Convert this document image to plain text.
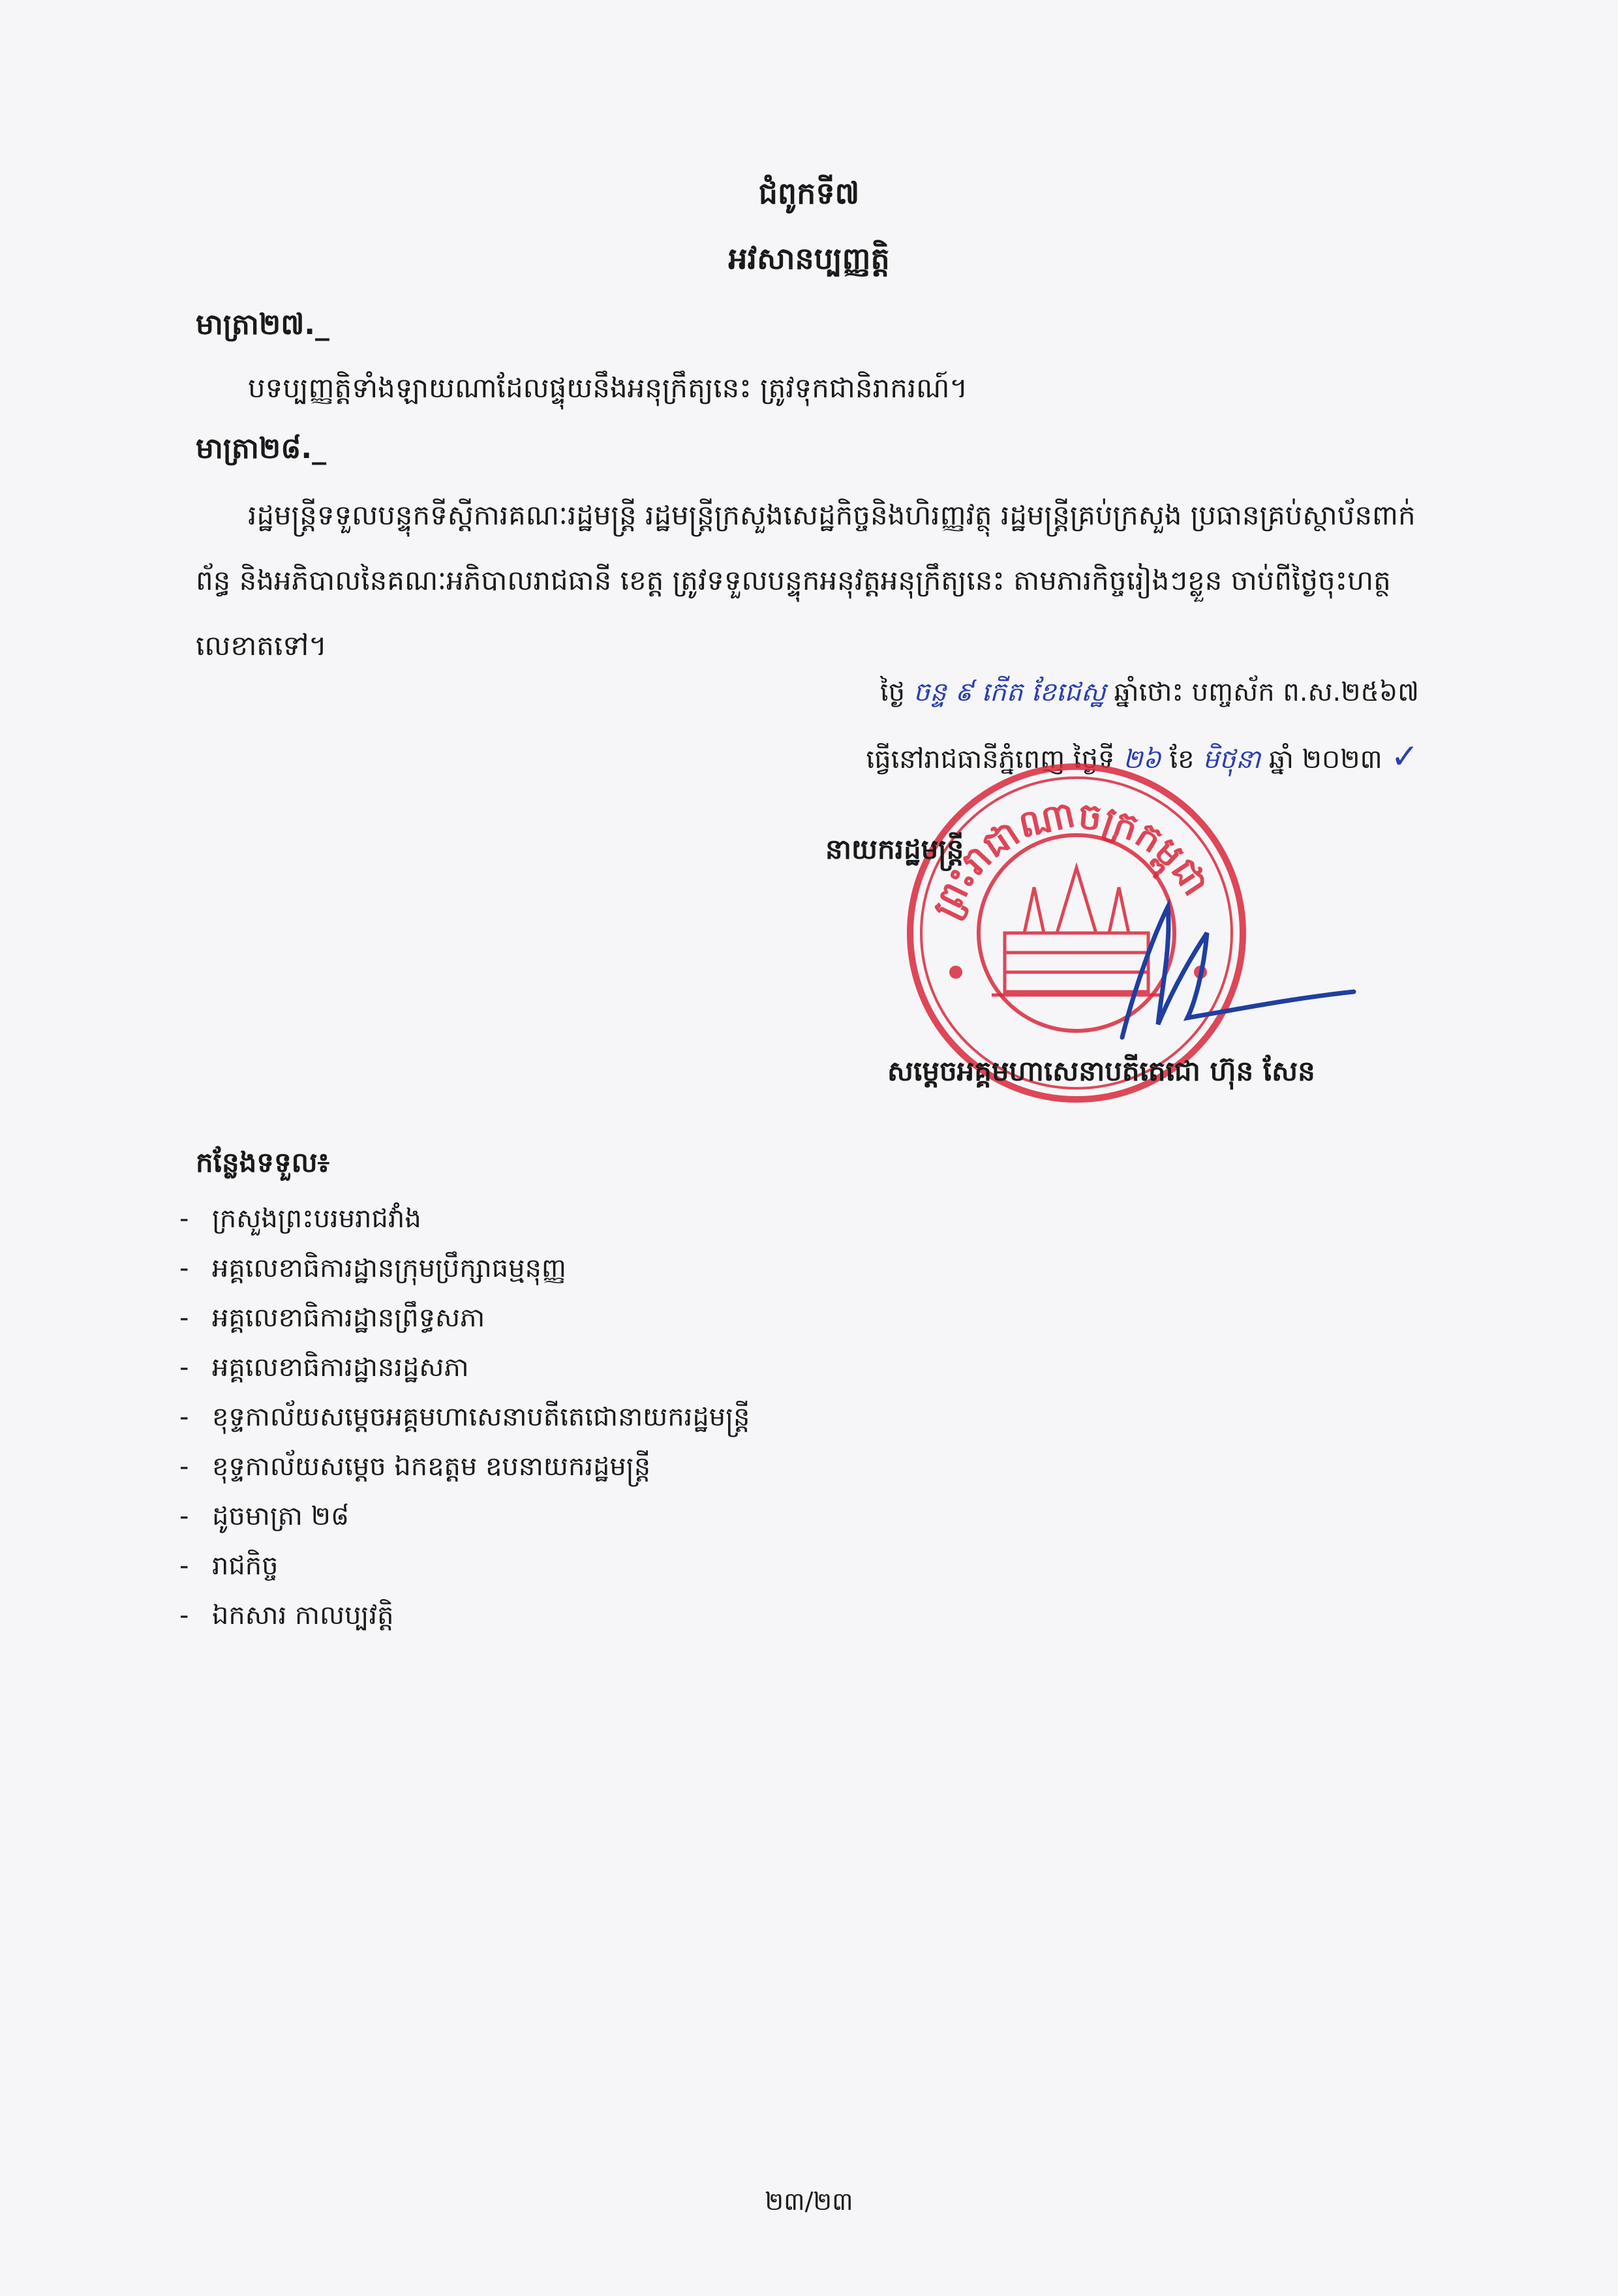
ជំពូកទី៧
អវសានប្បញ្ញត្តិ
មាត្រា២៧._
បទប្បញ្ញត្តិទាំងឡាយណាដែលផ្ទុយនឹងអនុក្រឹត្យនេះ ត្រូវទុកជានិរាករណ៍។
មាត្រា២៨._
រដ្ឋមន្ត្រីទទួលបន្ទុកទីស្តីការគណៈរដ្ឋមន្ត្រី រដ្ឋមន្ត្រីក្រសួងសេដ្ឋកិច្ចនិងហិរញ្ញវត្ថុ រដ្ឋមន្ត្រីគ្រប់ក្រសួង ប្រធានគ្រប់ស្ថាប័នពាក់ព័ន្ធ និងអភិបាលនៃគណៈអភិបាលរាជធានី ខេត្ត ត្រូវទទួលបន្ទុកអនុវត្តអនុក្រឹត្យនេះ តាមភារកិច្ចរៀងៗខ្លួន ចាប់ពីថ្ងៃចុះហត្ថលេខាតទៅ។
ថ្ងៃ ចន្ទ ៩ កើត ខែជេស្ឋ ឆ្នាំថោះ បញ្ចស័ក ព.ស.២៥៦៧
ធ្វើនៅរាជធានីភ្នំពេញ ថ្ងៃទី ២៦ ខែ មិថុនា ឆ្នាំ ២០២៣ ✓
ព្រះរាជាណាចក្រកម្ពុជា
នាយករដ្ឋមន្ត្រី
សម្តេចអគ្គមហាសេនាបតីតេជោ ហ៊ុន សែន
កន្លែងទទួល៖
- ក្រសួងព្រះបរមរាជវាំង
- អគ្គលេខាធិការដ្ឋានក្រុមប្រឹក្សាធម្មនុញ្ញ
- អគ្គលេខាធិការដ្ឋានព្រឹទ្ធសភា
- អគ្គលេខាធិការដ្ឋានរដ្ឋសភា
- ខុទ្ទកាល័យសម្តេចអគ្គមហាសេនាបតីតេជោនាយករដ្ឋមន្ត្រី
- ខុទ្ទកាល័យសម្តេច ឯកឧត្តម ឧបនាយករដ្ឋមន្ត្រី
- ដូចមាត្រា ២៨
- រាជកិច្ច
- ឯកសារ កាលប្បវត្តិ
២៣/២៣
